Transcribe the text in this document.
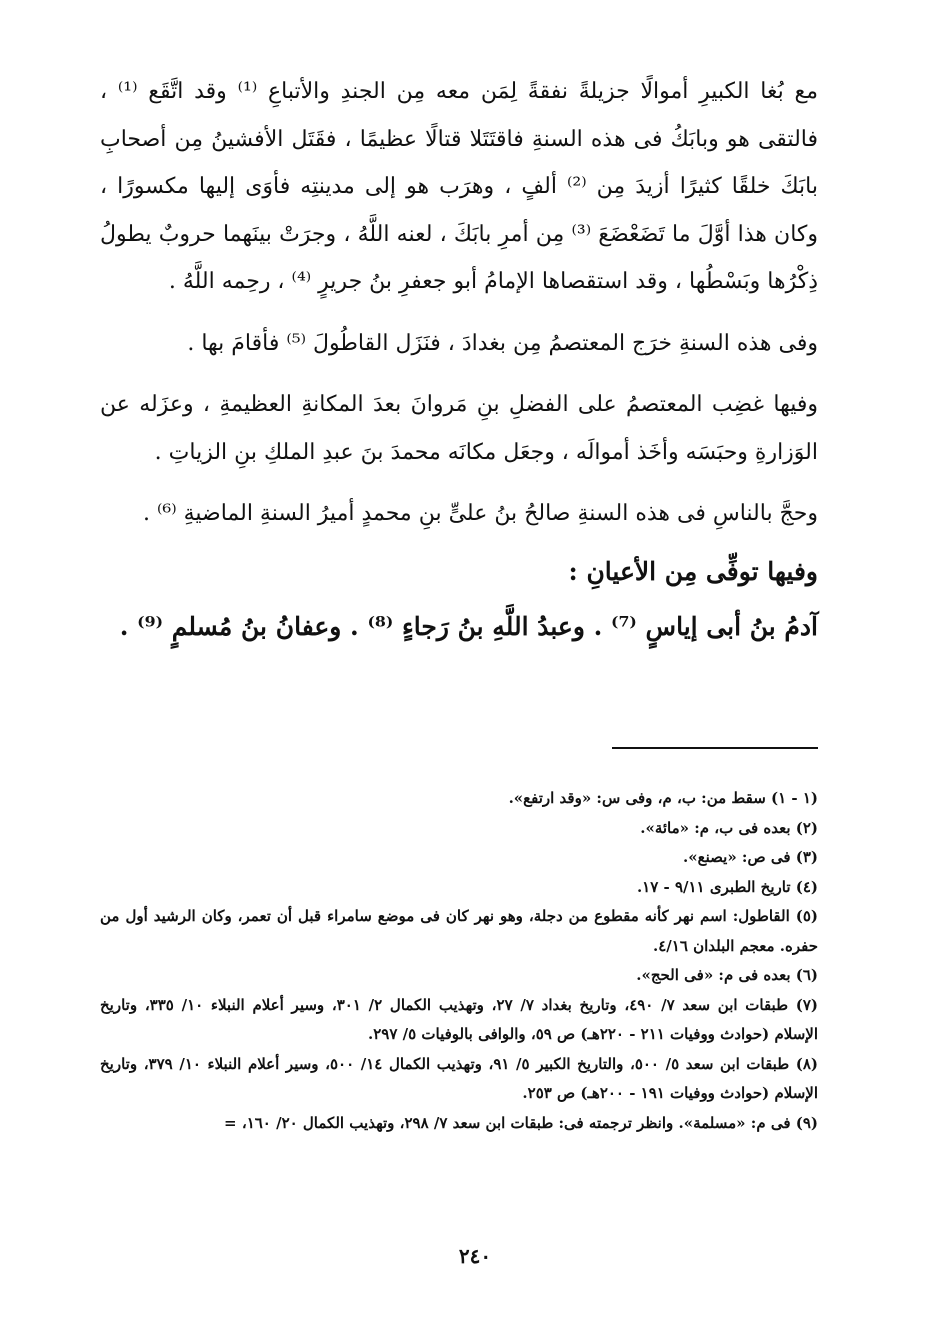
مع بُغا الكبيرِ أموالًا جزيلةً نفقةً لِمَن معه مِن الجندِ والأتباعِ ⁽¹⁾ وقد اتَّقَع ⁽¹⁾ ، فالتقى هو وبابَكُ فى هذه السنةِ فاقتَتَلا قتالًا عظيمًا ، فقَتَل الأفشينُ مِن أصحابِ بابَكَ خلقًا كثيرًا أزيدَ مِن ⁽²⁾ ألفٍ ، وهرَب هو إلى مدينتِه فأوَى إليها مكسورًا ، وكان هذا أوَّلَ ما تَضَعْضَعَ ⁽³⁾ مِن أمرِ بابَكَ ، لعنه اللَّهُ ، وجرَتْ بينَهما حروبٌ يطولُ ذِكْرُها وبَسْطُها ، وقد استقصاها الإمامُ أبو جعفرِ بنُ جريرٍ ⁽⁴⁾ ، رحِمه اللَّهُ .

وفى هذه السنةِ خرَج المعتصمُ مِن بغدادَ ، فنَزَل القاطُولَ ⁽⁵⁾ فأقامَ بها .

وفيها غضِب المعتصمُ على الفضلِ بنِ مَروانَ بعدَ المكانةِ العظيمةِ ، وعزَله عن الوَزارةِ وحبَسَه وأخَذ أموالَه ، وجعَل مكانَه محمدَ بنَ عبدِ الملكِ بنِ الزياتِ .

وحجَّ بالناسِ فى هذه السنةِ صالحُ بنُ علىٍّ بنِ محمدٍ أميرُ السنةِ الماضيةِ ⁽⁶⁾ .

وفيها توفِّى مِن الأعيانِ :

آدمُ بنُ أبى إياسٍ ⁽⁷⁾ . وعبدُ اللَّهِ بنُ رَجاءٍ ⁽⁸⁾ . وعفانُ بنُ مُسلمٍ ⁽⁹⁾ .

(١ - ١) سقط من: ب، م، وفى س: «وقد ارتفع».

(٢) بعده فى ب، م: «مائة».

(٣) فى ص: «يصنع».

(٤) تاريخ الطبرى ٩/١١ - ١٧.

(٥) القاطول: اسم نهر كأنه مقطوع من دجلة، وهو نهر كان فى موضع سامراء قبل أن تعمر، وكان الرشيد أول من حفره. معجم البلدان ٤/١٦.

(٦) بعده فى م: «فى الحج».

(٧) طبقات ابن سعد ٧/ ٤٩٠، وتاريخ بغداد ٧/ ٢٧، وتهذيب الكمال ٢/ ٣٠١، وسير أعلام النبلاء ١٠/ ٣٣٥، وتاريخ الإسلام (حوادث ووفيات ٢١١ - ٢٢٠هـ) ص ٥٩، والوافى بالوفيات ٥/ ٢٩٧.

(٨) طبقات ابن سعد ٥/ ٥٠٠، والتاريخ الكبير ٥/ ٩١، وتهذيب الكمال ١٤/ ٥٠٠، وسير أعلام النبلاء ١٠/ ٣٧٩، وتاريخ الإسلام (حوادث ووفيات ١٩١ - ٢٠٠هـ) ص ٢٥٣.

(٩) فى م: «مسلمة». وانظر ترجمته فى: طبقات ابن سعد ٧/ ٢٩٨، وتهذيب الكمال ٢٠/ ١٦٠، =

٢٤٠
